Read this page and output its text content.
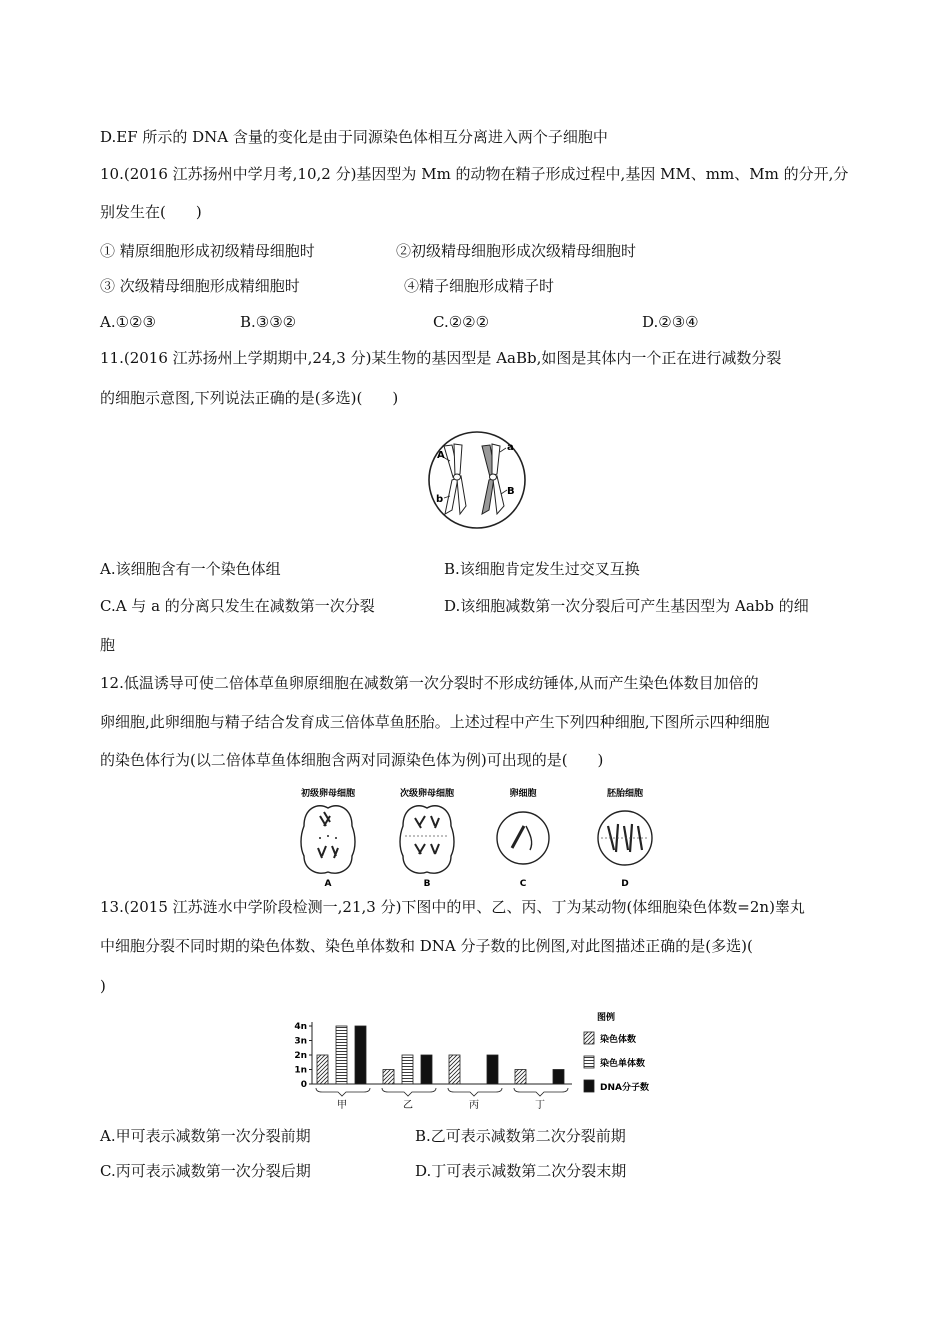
D.EF 所示的 DNA 含量的变化是由于同源染色体相互分离进入两个子细胞中
10.(2016 江苏扬州中学月考,10,2 分)基因型为 Mm 的动物在精子形成过程中,基因 MM、mm、Mm 的分开,分
别发生在(　　)
① 精原细胞形成初级精母细胞时	②初级精母细胞形成次级精母细胞时
③ 次级精母细胞形成精细胞时	④精子细胞形成精子时
A.①②③	B.③③②	C.②②②	D.②③④
11.(2016 江苏扬州上学期期中,24,3 分)某生物的基因型是 AaBb,如图是其体内一个正在进行减数分裂
的细胞示意图,下列说法正确的是(多选)(　　)
A
a
b
B
A.该细胞含有一个染色体组	B.该细胞肯定发生过交叉互换
C.A 与 a 的分离只发生在减数第一次分裂	D.该细胞减数第一次分裂后可产生基因型为 Aabb 的细
胞
12.低温诱导可使二倍体草鱼卵原细胞在减数第一次分裂时不形成纺锤体,从而产生染色体数目加倍的
卵细胞,此卵细胞与精子结合发育成三倍体草鱼胚胎。上述过程中产生下列四种细胞,下图所示四种细胞
的染色体行为(以二倍体草鱼体细胞含两对同源染色体为例)可出现的是(　　)
初级卵母细胞
A
次级卵母细胞
B
卵细胞
C
胚胎细胞
D
13.(2015 江苏涟水中学阶段检测一,21,3 分)下图中的甲、乙、丙、丁为某动物(体细胞染色体数=2n)睾丸
中细胞分裂不同时期的染色体数、染色单体数和 DNA 分子数的比例图,对此图描述正确的是(多选)(
)
4n
3n
2n
1n
0
甲	乙	丙	丁
图例
染色体数
染色单体数
DNA分子数
A.甲可表示减数第一次分裂前期	B.乙可表示减数第二次分裂前期
C.丙可表示减数第一次分裂后期	D.丁可表示减数第二次分裂末期
